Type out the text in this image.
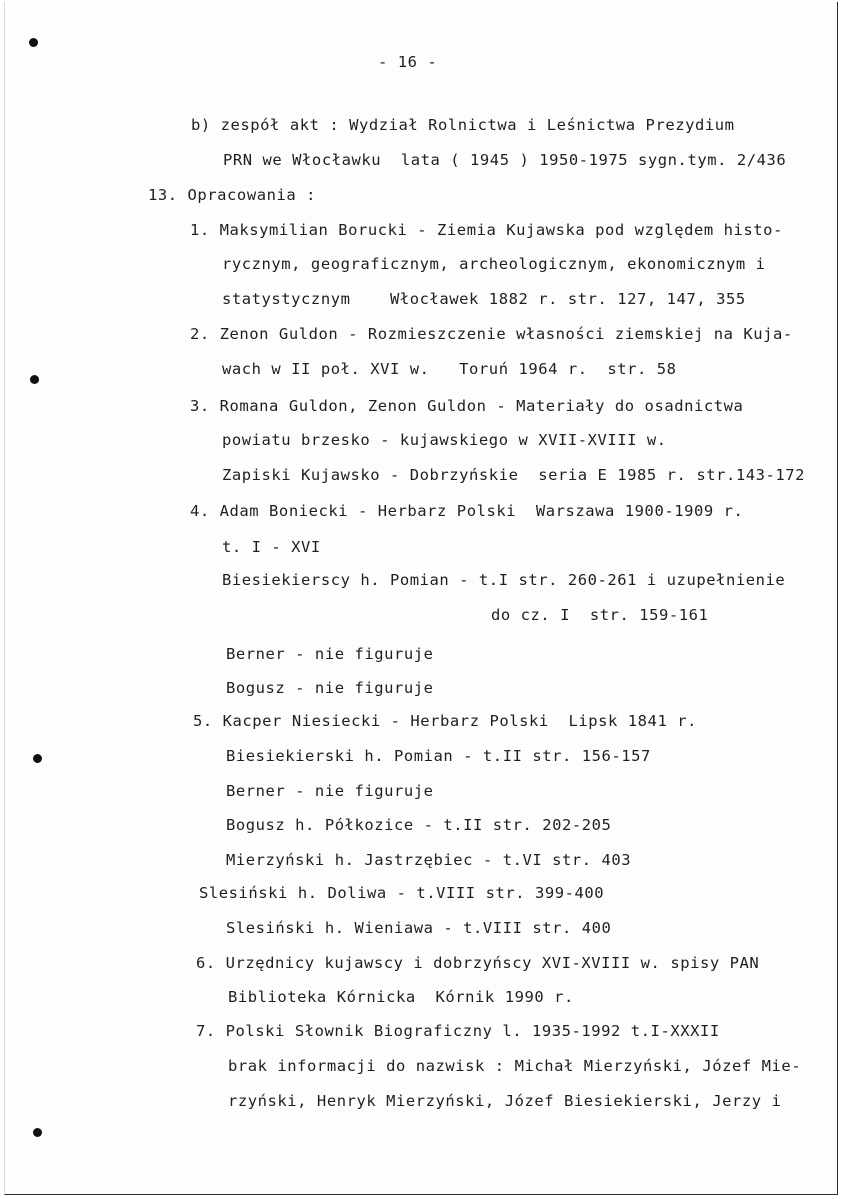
- 16 -
b) zespół akt : Wydział Rolnictwa i Leśnictwa Prezydium
PRN we Włocławku  lata ( 1945 ) 1950-1975 sygn.tym. 2/436
13. Opracowania :
1. Maksymilian Borucki - Ziemia Kujawska pod względem histo-
rycznym, geograficznym, archeologicznym, ekonomicznym i
statystycznym    Włocławek 1882 r. str. 127, 147, 355
2. Zenon Guldon - Rozmieszczenie własności ziemskiej na Kuja-
wach w II poł. XVI w.   Toruń 1964 r.  str. 58
3. Romana Guldon, Zenon Guldon - Materiały do osadnictwa
powiatu brzesko - kujawskiego w XVII-XVIII w.
Zapiski Kujawsko - Dobrzyńskie  seria E 1985 r. str.143-172
4. Adam Boniecki - Herbarz Polski  Warszawa 1900-1909 r.
t. I - XVI
Biesiekierscy h. Pomian - t.I str. 260-261 i uzupełnienie
do cz. I  str. 159-161
Berner - nie figuruje
Bogusz - nie figuruje
5. Kacper Niesiecki - Herbarz Polski  Lipsk 1841 r.
Biesiekierski h. Pomian - t.II str. 156-157
Berner - nie figuruje
Bogusz h. Półkozice - t.II str. 202-205
Mierzyński h. Jastrzębiec - t.VI str. 403
Slesiński h. Doliwa - t.VIII str. 399-400
Slesiński h. Wieniawa - t.VIII str. 400
6. Urzędnicy kujawscy i dobrzyńscy XVI-XVIII w. spisy PAN
Biblioteka Kórnicka  Kórnik 1990 r.
7. Polski Słownik Biograficzny l. 1935-1992 t.I-XXXII
brak informacji do nazwisk : Michał Mierzyński, Józef Mie-
rzyński, Henryk Mierzyński, Józef Biesiekierski, Jerzy i
